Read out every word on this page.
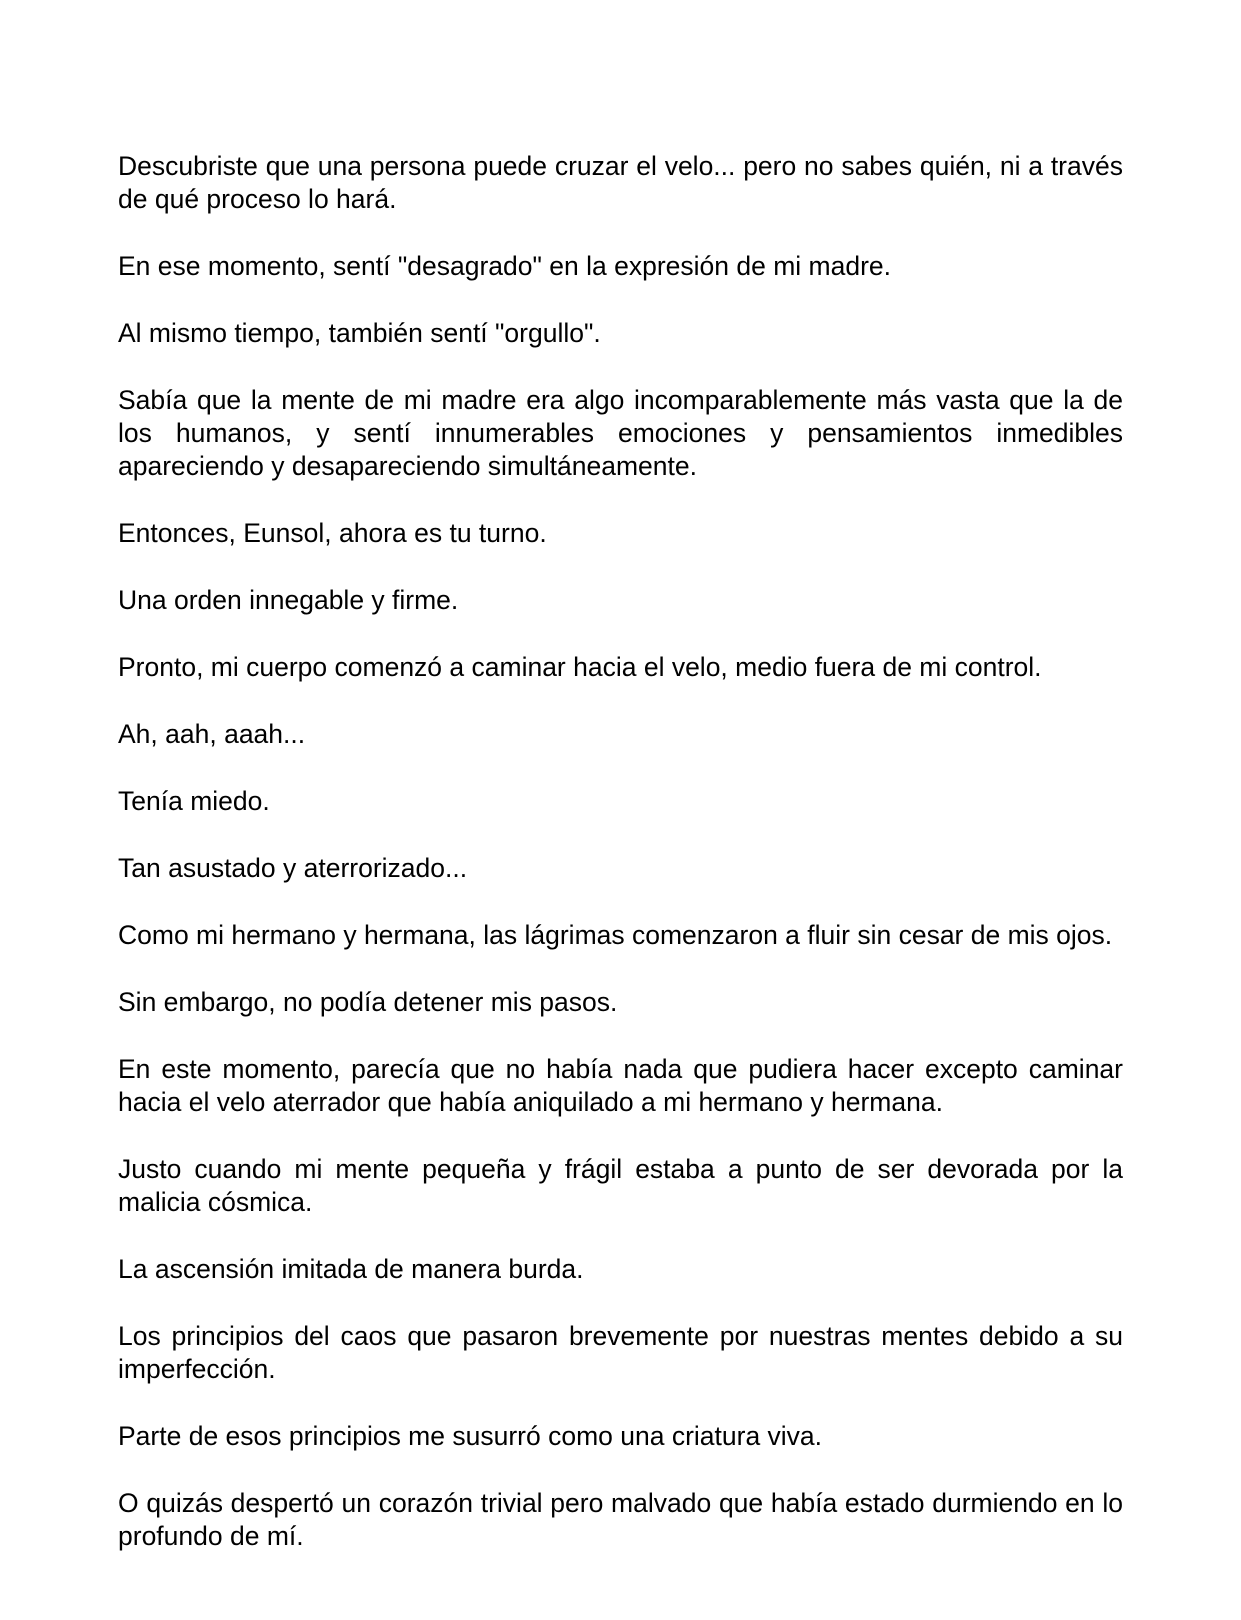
Descubriste que una persona puede cruzar el velo... pero no sabes quién, ni a través de qué proceso lo hará.

En ese momento, sentí "desagrado" en la expresión de mi madre.

Al mismo tiempo, también sentí "orgullo".

Sabía que la mente de mi madre era algo incomparablemente más vasta que la de los humanos, y sentí innumerables emociones y pensamientos inmedibles apareciendo y desapareciendo simultáneamente.

Entonces, Eunsol, ahora es tu turno.

Una orden innegable y firme.

Pronto, mi cuerpo comenzó a caminar hacia el velo, medio fuera de mi control.

Ah, aah, aaah...

Tenía miedo.

Tan asustado y aterrorizado...

Como mi hermano y hermana, las lágrimas comenzaron a fluir sin cesar de mis ojos.

Sin embargo, no podía detener mis pasos.

En este momento, parecía que no había nada que pudiera hacer excepto caminar hacia el velo aterrador que había aniquilado a mi hermano y hermana.

Justo cuando mi mente pequeña y frágil estaba a punto de ser devorada por la malicia cósmica.

La ascensión imitada de manera burda.

Los principios del caos que pasaron brevemente por nuestras mentes debido a su imperfección.

Parte de esos principios me susurró como una criatura viva.

O quizás despertó un corazón trivial pero malvado que había estado durmiendo en lo profundo de mí.
